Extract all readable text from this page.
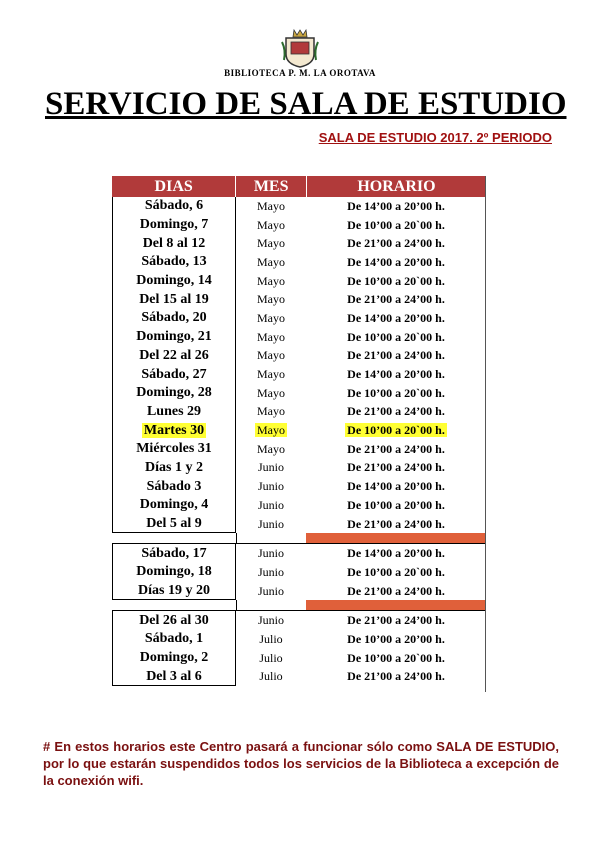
BIBLIOTECA P. M. LA OROTAVA
SERVICIO DE SALA DE ESTUDIO
SALA DE ESTUDIO 2017. 2º PERIODO
DIAS	MES	HORARIO
Sábado, 6	Mayo	De 14’00 a 20’00 h.
Domingo, 7	Mayo	De 10’00 a 20`00 h.
Del 8 al 12	Mayo	De 21’00 a 24’00 h.
Sábado, 13	Mayo	De 14’00 a 20’00 h.
Domingo, 14	Mayo	De 10’00 a 20`00 h.
Del 15 al 19	Mayo	De 21’00 a 24’00 h.
Sábado, 20	Mayo	De 14’00 a 20’00 h.
Domingo, 21	Mayo	De 10’00 a 20`00 h.
Del 22 al 26	Mayo	De 21’00 a 24’00 h.
Sábado, 27	Mayo	De 14’00 a 20’00 h.
Domingo, 28	Mayo	De 10’00 a 20`00 h.
Lunes 29	Mayo	De 21’00 a 24’00 h.
Martes 30	Mayo	De 10’00 a 20`00 h.
Miércoles 31	Mayo	De 21’00 a 24’00 h.
Días 1 y 2	Junio	De 21’00 a 24’00 h.
Sábado 3	Junio	De 14’00 a 20’00 h.
Domingo, 4	Junio	De 10’00 a 20’00 h.
Del 5 al 9	Junio	De 21’00 a 24’00 h.
Sábado, 17	Junio	De 14’00 a 20’00 h.
Domingo, 18	Junio	De 10’00 a 20`00 h.
Días 19 y 20	Junio	De 21’00 a 24’00 h.
Del 26 al 30	Junio	De 21’00 a 24’00 h.
Sábado, 1	Julio	De 10’00 a 20’00 h.
Domingo, 2	Julio	De 10’00 a 20`00 h.
Del 3 al 6	Julio	De 21’00 a 24’00 h.
# En estos horarios este Centro pasará a funcionar sólo como SALA DE ESTUDIO, por lo que estarán suspendidos todos los servicios de la Biblioteca a excepción de la conexión wifi.
